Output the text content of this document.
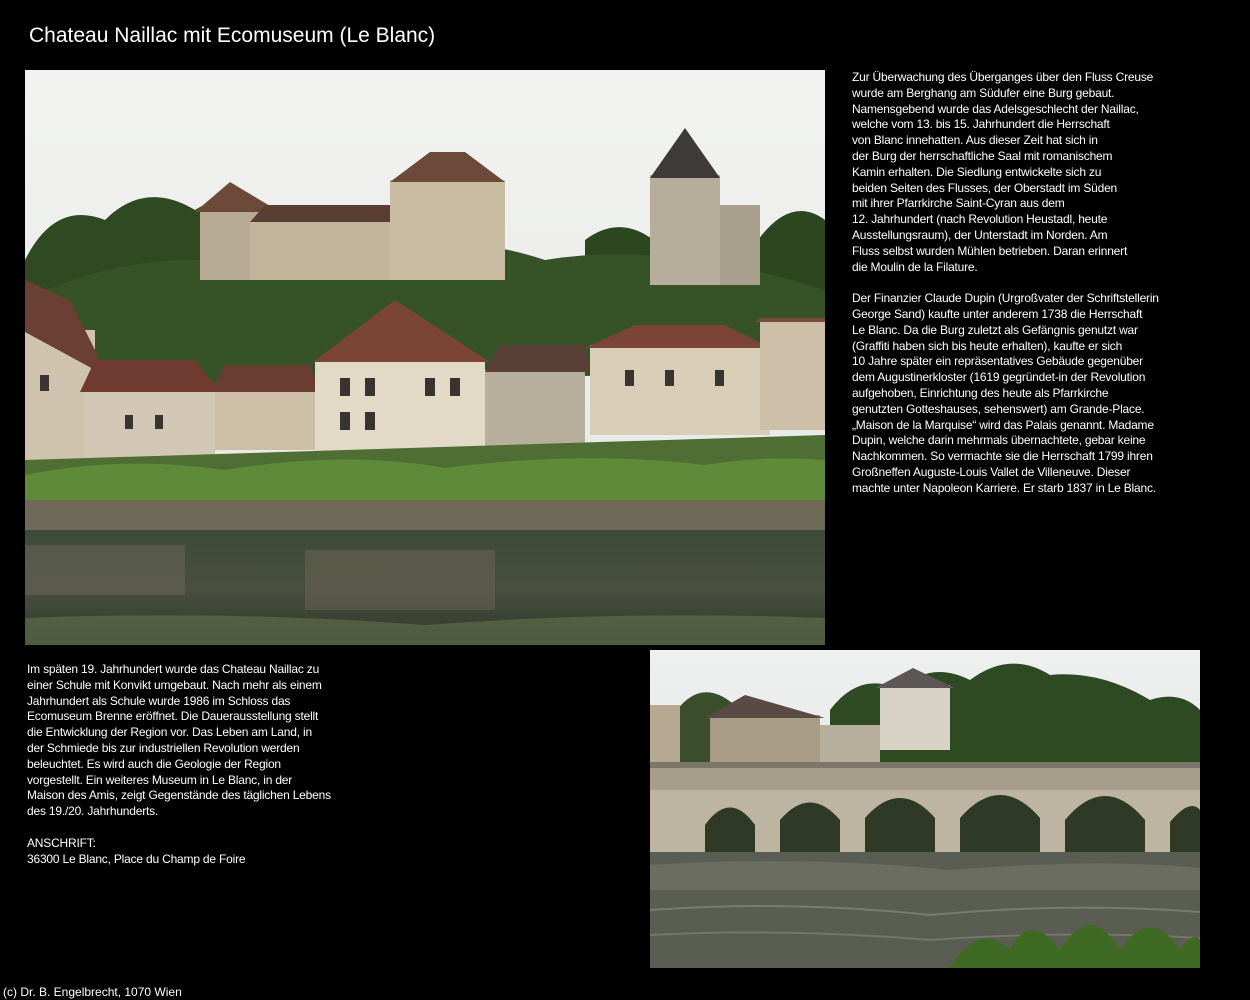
Chateau Naillac mit Ecomuseum (Le Blanc)

Zur Überwachung des Überganges über den Fluss Creuse
wurde am Berghang am Südufer eine Burg gebaut.
Namensgebend wurde das Adelsgeschlecht der Naillac,
welche vom 13. bis 15. Jahrhundert die Herrschaft
von Blanc innehatten. Aus dieser Zeit hat sich in
der Burg der herrschaftliche Saal mit romanischem
Kamin erhalten. Die Siedlung entwickelte sich zu
beiden Seiten des Flusses, der Oberstadt im Süden
mit ihrer Pfarrkirche Saint-Cyran aus dem
12. Jahrhundert (nach Revolution Heustadl, heute
Ausstellungsraum), der Unterstadt im Norden. Am
Fluss selbst wurden Mühlen betrieben. Daran erinnert
die Moulin de la Filature.

Der Finanzier Claude Dupin (Urgroßvater der Schriftstellerin
George Sand) kaufte unter anderem 1738 die Herrschaft
Le Blanc. Da die Burg zuletzt als Gefängnis genutzt war
(Graffiti haben sich bis heute erhalten), kaufte er sich
10 Jahre später ein repräsentatives Gebäude gegenüber
dem Augustinerkloster (1619 gegründet-in der Revolution
aufgehoben, Einrichtung des heute als Pfarrkirche
genutzten Gotteshauses, sehenswert) am Grande-Place.
„Maison de la Marquise“ wird das Palais genannt. Madame
Dupin, welche darin mehrmals übernachtete, gebar keine
Nachkommen. So vermachte sie die Herrschaft 1799 ihren
Großneffen Auguste-Louis Vallet de Villeneuve. Dieser
machte unter Napoleon Karriere. Er starb 1837 in Le Blanc.

Im späten 19. Jahrhundert wurde das Chateau Naillac zu
einer Schule mit Konvikt umgebaut. Nach mehr als einem
Jahrhundert als Schule wurde 1986 im Schloss das
Ecomuseum Brenne eröffnet. Die Dauerausstellung stellt
die Entwicklung der Region vor. Das Leben am Land, in
der Schmiede bis zur industriellen Revolution werden
beleuchtet. Es wird auch die Geologie der Region
vorgestellt. Ein weiteres Museum in Le Blanc, in der
Maison des Amis, zeigt Gegenstände des täglichen Lebens
des 19./20. Jahrhunderts.

ANSCHRIFT:
36300 Le Blanc, Place du Champ de Foire

(c) Dr. B. Engelbrecht, 1070 Wien
